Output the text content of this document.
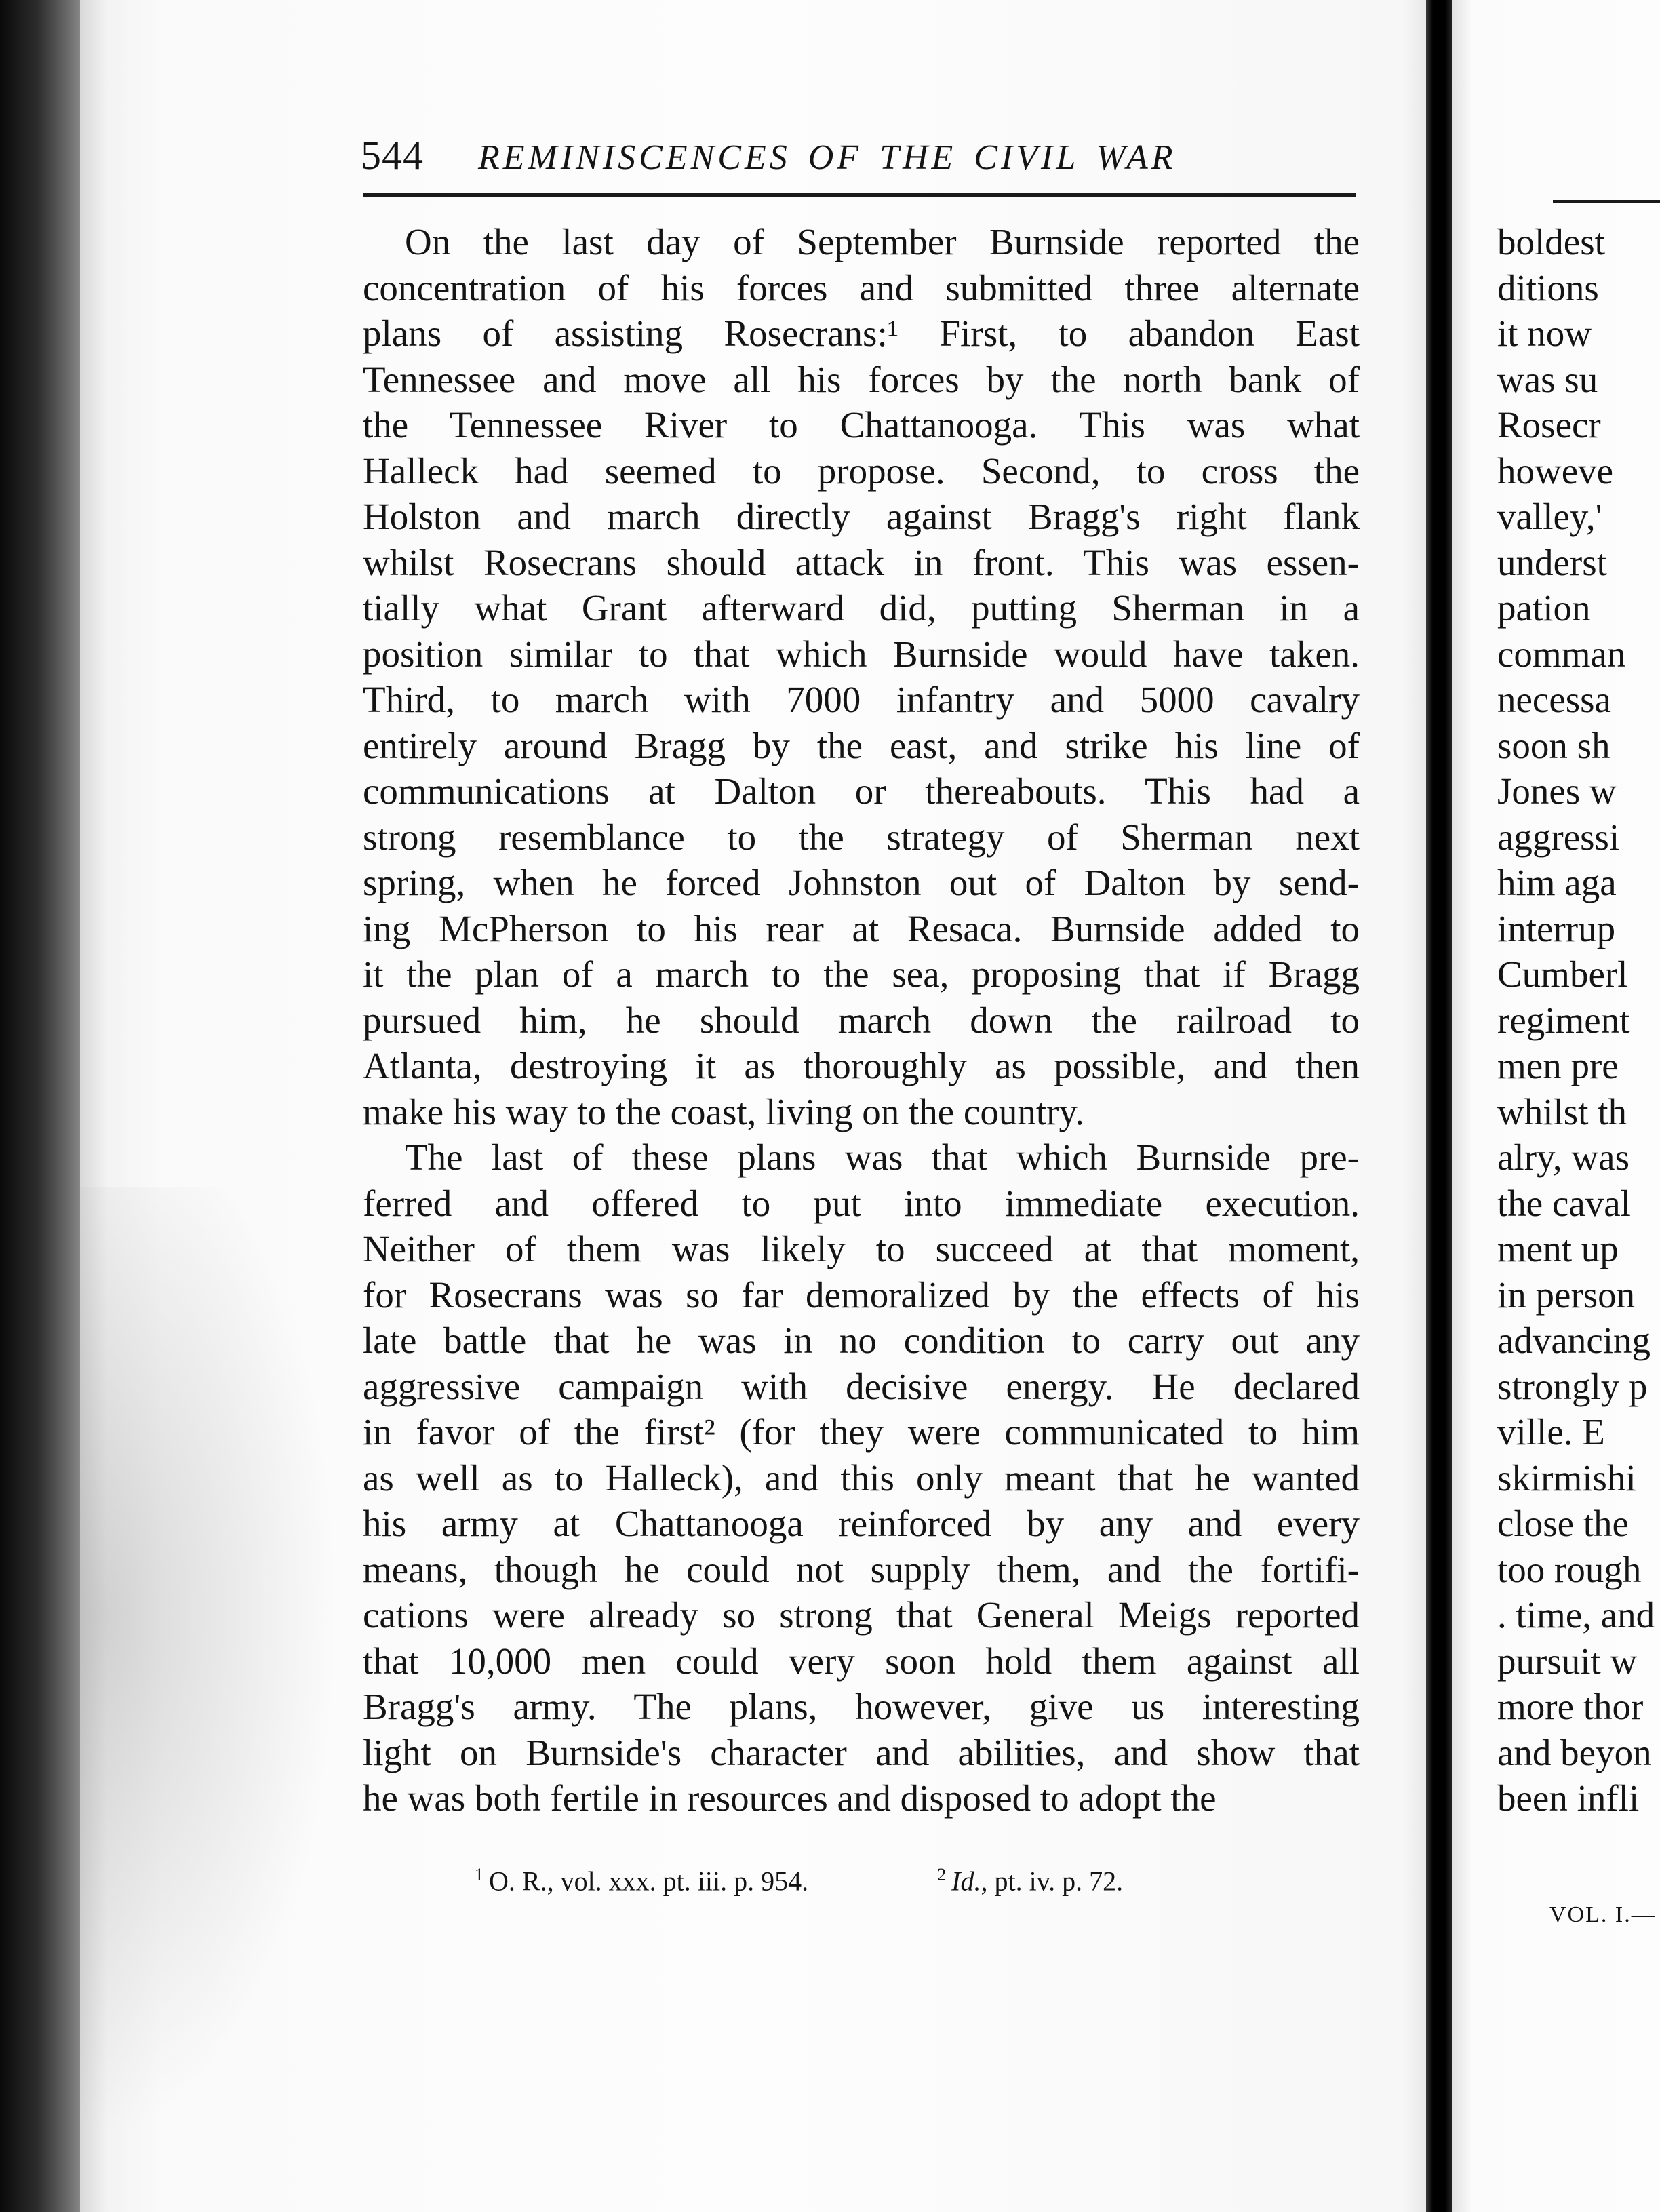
544 REMINISCENCES OF THE CIVIL WAR
On the last day of September Burnside reported the
concentration of his forces and submitted three alternate
plans of assisting Rosecrans:¹ First, to abandon East
Tennessee and move all his forces by the north bank of
the Tennessee River to Chattanooga. This was what
Halleck had seemed to propose. Second, to cross the
Holston and march directly against Bragg's right flank
whilst Rosecrans should attack in front. This was essen-
tially what Grant afterward did, putting Sherman in a
position similar to that which Burnside would have taken.
Third, to march with 7000 infantry and 5000 cavalry
entirely around Bragg by the east, and strike his line of
communications at Dalton or thereabouts. This had a
strong resemblance to the strategy of Sherman next
spring, when he forced Johnston out of Dalton by send-
ing McPherson to his rear at Resaca. Burnside added to
it the plan of a march to the sea, proposing that if Bragg
pursued him, he should march down the railroad to
Atlanta, destroying it as thoroughly as possible, and then
make his way to the coast, living on the country.
The last of these plans was that which Burnside pre-
ferred and offered to put into immediate execution.
Neither of them was likely to succeed at that moment,
for Rosecrans was so far demoralized by the effects of his
late battle that he was in no condition to carry out any
aggressive campaign with decisive energy. He declared
in favor of the first² (for they were communicated to him
as well as to Halleck), and this only meant that he wanted
his army at Chattanooga reinforced by any and every
means, though he could not supply them, and the fortifi-
cations were already so strong that General Meigs reported
that 10,000 men could very soon hold them against all
Bragg's army. The plans, however, give us interesting
light on Burnside's character and abilities, and show that
he was both fertile in resources and disposed to adopt the
$^1$ O. R., vol. xxx. pt. iii. p. 954.	$^2$ Id., pt. iv. p. 72.
boldest
ditions
it now
was su
Rosecr
howeve
valley,'
underst
pation
comman
necessa
soon sh
Jones w
aggressi
him aga
interrup
Cumberl
regiment
men pre
whilst th
alry, was
the caval
ment up
in person
advancing
strongly p
ville. E
skirmishi
close the
too rough
. time, and
pursuit w
more thor
and beyon
been infli
VOL. I.—
